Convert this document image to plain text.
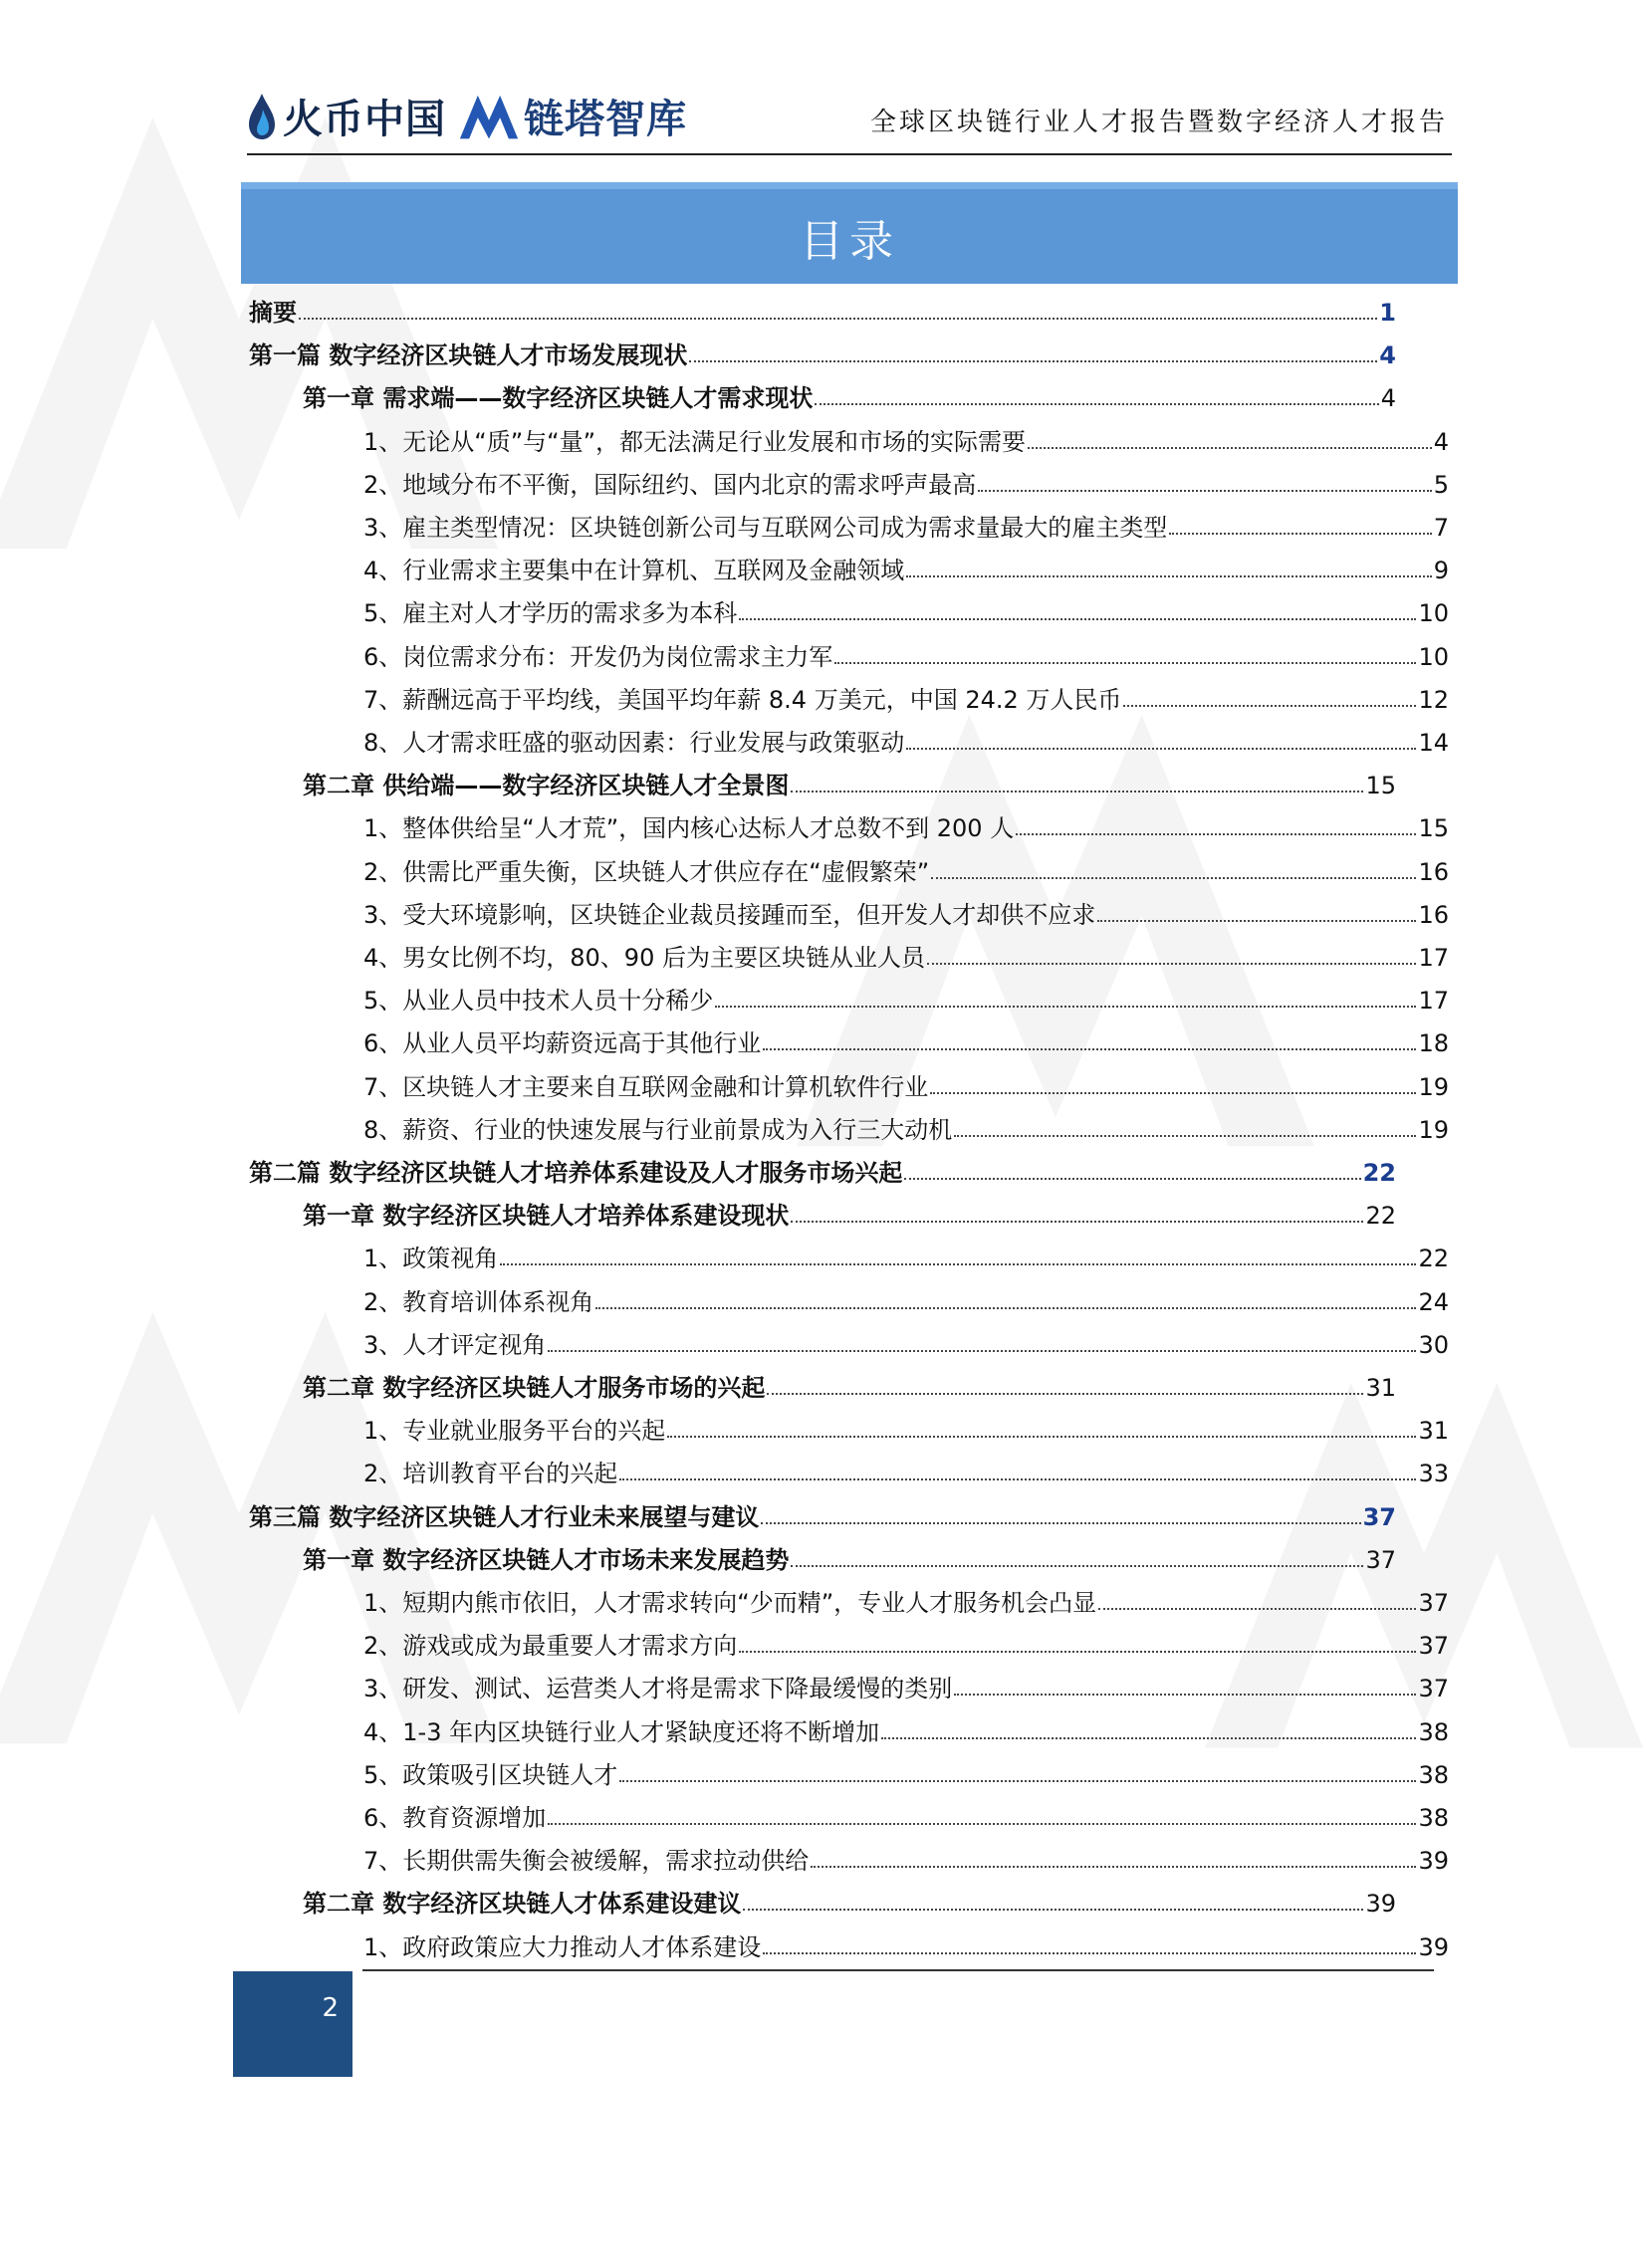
火币中国 链塔智库	全球区块链行业人才报告暨数字经济人才报告
目录
摘要	1
第一篇 数字经济区块链人才市场发展现状	4
第一章 需求端——数字经济区块链人才需求现状	4
1、无论从“质”与“量”，都无法满足行业发展和市场的实际需要	4
2、地域分布不平衡，国际纽约、国内北京的需求呼声最高	5
3、雇主类型情况：区块链创新公司与互联网公司成为需求量最大的雇主类型	7
4、行业需求主要集中在计算机、互联网及金融领域	9
5、雇主对人才学历的需求多为本科	10
6、岗位需求分布：开发仍为岗位需求主力军	10
7、薪酬远高于平均线，美国平均年薪 8.4 万美元，中国 24.2 万人民币	12
8、人才需求旺盛的驱动因素：行业发展与政策驱动	14
第二章 供给端——数字经济区块链人才全景图	15
1、整体供给呈“人才荒”，国内核心达标人才总数不到 200 人	15
2、供需比严重失衡，区块链人才供应存在“虚假繁荣”	16
3、受大环境影响，区块链企业裁员接踵而至，但开发人才却供不应求	16
4、男女比例不均，80、90 后为主要区块链从业人员	17
5、从业人员中技术人员十分稀少	17
6、从业人员平均薪资远高于其他行业	18
7、区块链人才主要来自互联网金融和计算机软件行业	19
8、薪资、行业的快速发展与行业前景成为入行三大动机	19
第二篇 数字经济区块链人才培养体系建设及人才服务市场兴起	22
第一章 数字经济区块链人才培养体系建设现状	22
1、政策视角	22
2、教育培训体系视角	24
3、人才评定视角	30
第二章 数字经济区块链人才服务市场的兴起	31
1、专业就业服务平台的兴起	31
2、培训教育平台的兴起	33
第三篇 数字经济区块链人才行业未来展望与建议	37
第一章 数字经济区块链人才市场未来发展趋势	37
1、短期内熊市依旧，人才需求转向“少而精”，专业人才服务机会凸显	37
2、游戏或成为最重要人才需求方向	37
3、研发、测试、运营类人才将是需求下降最缓慢的类别	37
4、1-3 年内区块链行业人才紧缺度还将不断增加	38
5、政策吸引区块链人才	38
6、教育资源增加	38
7、长期供需失衡会被缓解，需求拉动供给	39
第二章 数字经济区块链人才体系建设建议	39
1、政府政策应大力推动人才体系建设	39
2
